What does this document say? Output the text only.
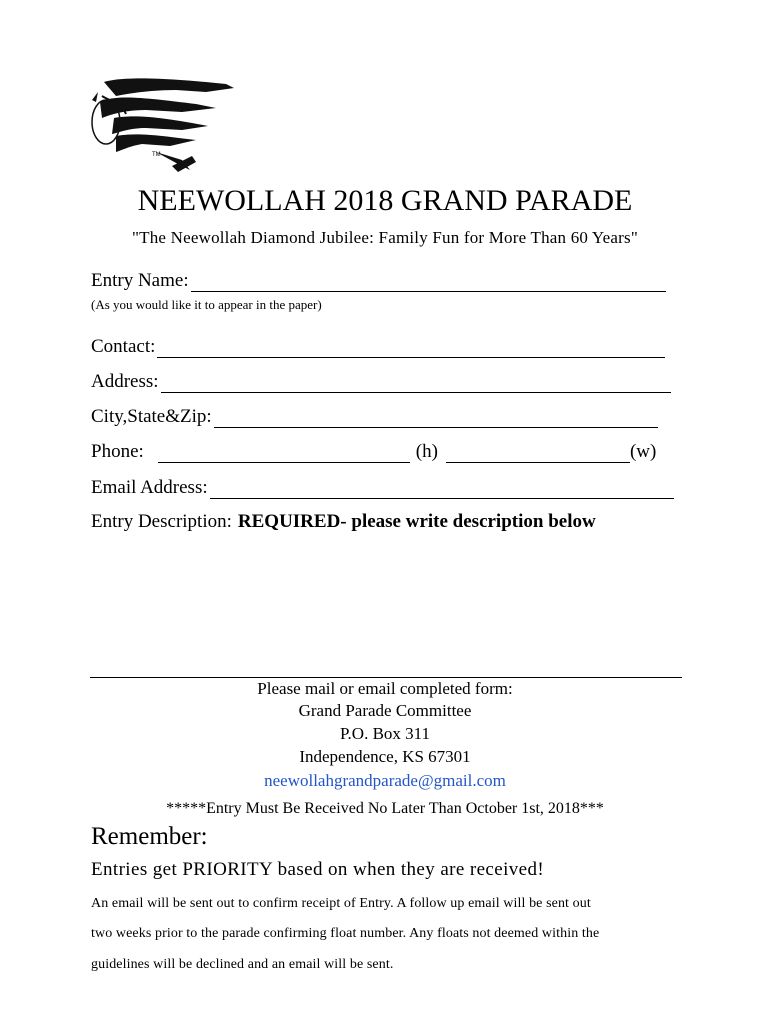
TM
NEEWOLLAH 2018 GRAND PARADE
"The Neewollah Diamond Jubilee: Family Fun for More Than 60 Years"
Entry Name:
(As you would like it to appear in the paper)
Contact:
Address:
City,State&Zip:
Phone:	(h)	(w)
Email Address:
Entry Description: REQUIRED- please write description below
Please mail or email completed form:
Grand Parade Committee
P.O. Box 311
Independence, KS 67301
neewollahgrandparade@gmail.com
*****Entry Must Be Received No Later Than October 1st, 2018***
Remember:
Entries get PRIORITY based on when they are received!
An email will be sent out to confirm receipt of Entry. A follow up email will be sent out
two weeks prior to the parade confirming float number. Any floats not deemed within the
guidelines will be declined and an email will be sent.
